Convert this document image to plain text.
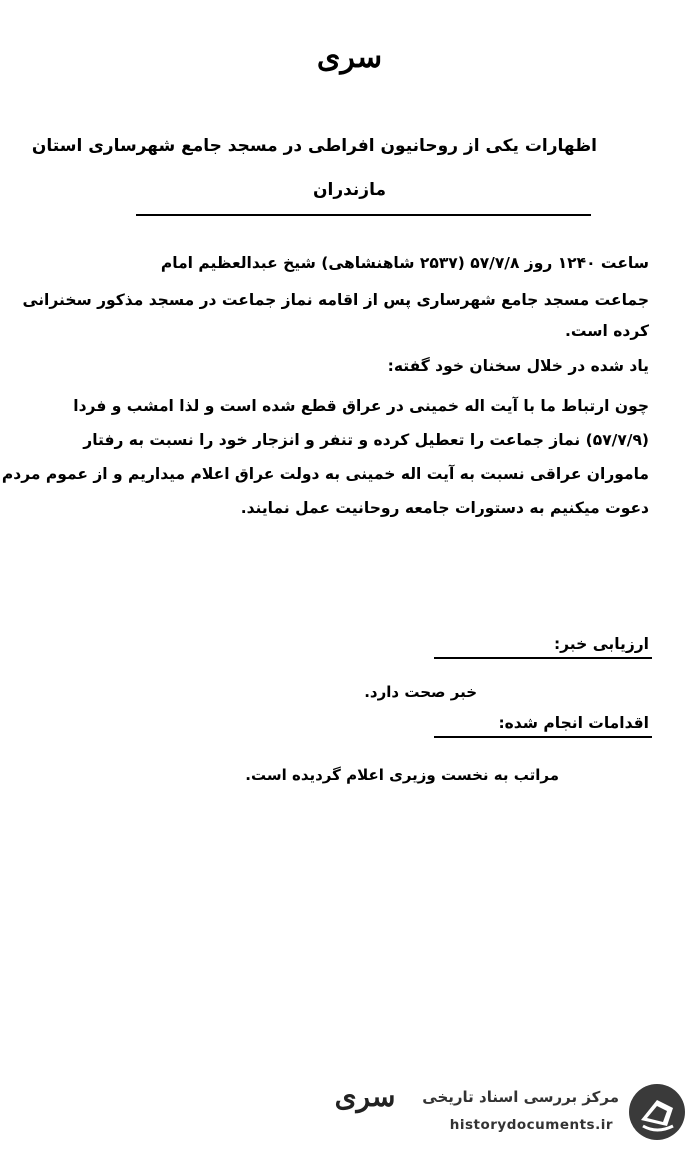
سری
اظهارات یکی از روحانیون افراطی در مسجد جامع شهرساری استان
مازندران
ساعت ۱۲۴۰ روز ۵۷/۷/۸ (۲۵۳۷ شاهنشاهی) شیخ عبدالعظیم امام
جماعت مسجد جامع شهرساری پس از اقامه نماز جماعت در مسجد مذکور سخنرانی
کرده است.
یاد شده در خلال سخنان خود گفته:
چون ارتباط ما با آیت اله خمینی در عراق قطع شده است و لذا امشب و فردا
(۵۷/۷/۹) نماز جماعت را تعطیل کرده و تنفر و انزجار خود را نسبت به رفتار
ماموران عراقی نسبت به آیت اله خمینی به دولت عراق اعلام میداریم و از عموم مردم
دعوت میکنیم به دستورات جامعه روحانیت عمل نمایند.
ارزیابی خبر:
خبر صحت دارد.
اقدامات انجام شده:
مراتب به نخست وزیری اعلام گردیده است.
سری	مرکز بررسی اسناد تاریخی
historydocuments.ir
